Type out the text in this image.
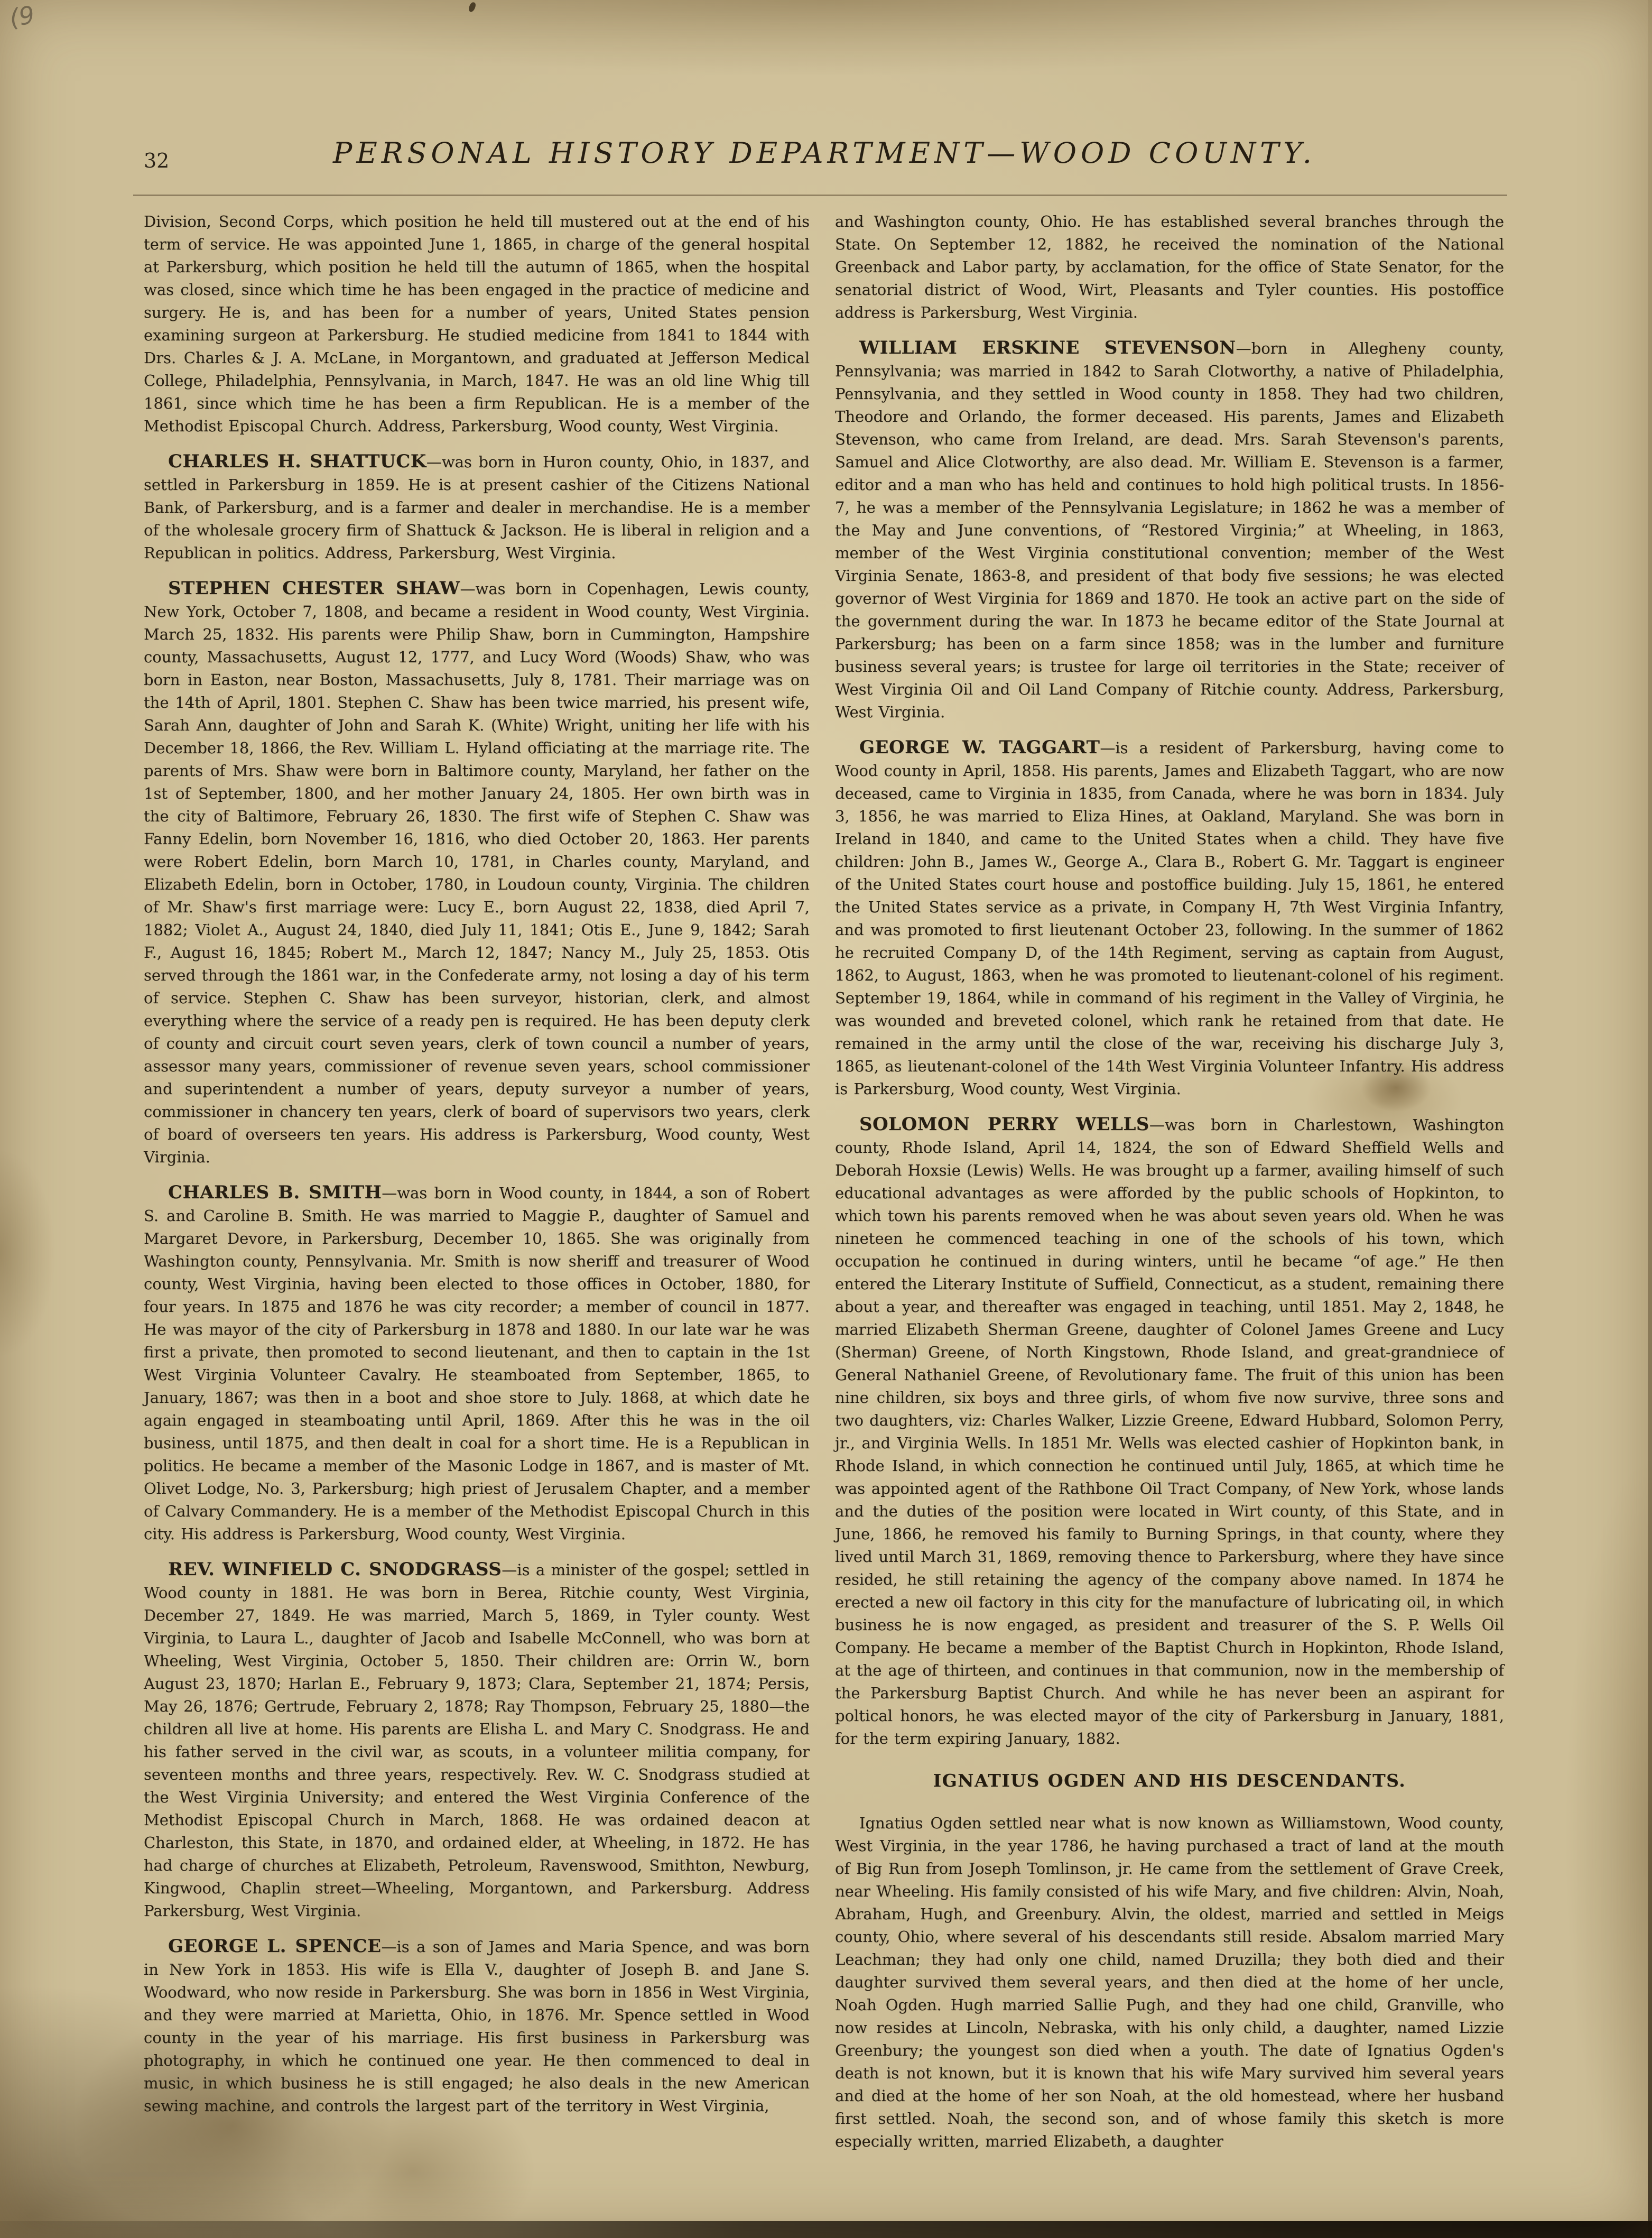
(9
32	PERSONAL HISTORY DEPARTMENT—WOOD COUNTY.

Division, Second Corps, which position he held till mustered out at the end of his term of service. He was appointed June 1, 1865, in charge of the general hospital at Parkersburg, which position he held till the autumn of 1865, when the hospital was closed, since which time he has been engaged in the practice of medicine and surgery. He is, and has been for a number of years, United States pension examining surgeon at Parkersburg. He studied medicine from 1841 to 1844 with Drs. Charles & J. A. McLane, in Morgantown, and graduated at Jefferson Medical College, Philadelphia, Pennsylvania, in March, 1847. He was an old line Whig till 1861, since which time he has been a firm Republican. He is a member of the Methodist Episcopal Church. Address, Parkersburg, Wood county, West Virginia.

CHARLES H. SHATTUCK—was born in Huron county, Ohio, in 1837, and settled in Parkersburg in 1859. He is at present cashier of the Citizens National Bank, of Parkersburg, and is a farmer and dealer in merchandise. He is a member of the wholesale grocery firm of Shattuck & Jackson. He is liberal in religion and a Republican in politics. Address, Parkersburg, West Virginia.

STEPHEN CHESTER SHAW—was born in Copenhagen, Lewis county, New York, October 7, 1808, and became a resident in Wood county, West Virginia. March 25, 1832. His parents were Philip Shaw, born in Cummington, Hampshire county, Massachusetts, August 12, 1777, and Lucy Word (Woods) Shaw, who was born in Easton, near Boston, Massachusetts, July 8, 1781. Their marriage was on the 14th of April, 1801. Stephen C. Shaw has been twice married, his present wife, Sarah Ann, daughter of John and Sarah K. (White) Wright, uniting her life with his December 18, 1866, the Rev. William L. Hyland officiating at the marriage rite. The parents of Mrs. Shaw were born in Baltimore county, Maryland, her father on the 1st of September, 1800, and her mother January 24, 1805. Her own birth was in the city of Baltimore, February 26, 1830. The first wife of Stephen C. Shaw was Fanny Edelin, born November 16, 1816, who died October 20, 1863. Her parents were Robert Edelin, born March 10, 1781, in Charles county, Maryland, and Elizabeth Edelin, born in October, 1780, in Loudoun county, Virginia. The children of Mr. Shaw's first marriage were: Lucy E., born August 22, 1838, died April 7, 1882; Violet A., August 24, 1840, died July 11, 1841; Otis E., June 9, 1842; Sarah F., August 16, 1845; Robert M., March 12, 1847; Nancy M., July 25, 1853. Otis served through the 1861 war, in the Confederate army, not losing a day of his term of service. Stephen C. Shaw has been surveyor, historian, clerk, and almost everything where the service of a ready pen is required. He has been deputy clerk of county and circuit court seven years, clerk of town council a number of years, assessor many years, commissioner of revenue seven years, school commissioner and superintendent a number of years, deputy surveyor a number of years, commissioner in chancery ten years, clerk of board of supervisors two years, clerk of board of overseers ten years. His address is Parkersburg, Wood county, West Virginia.

CHARLES B. SMITH—was born in Wood county, in 1844, a son of Robert S. and Caroline B. Smith. He was married to Maggie P., daughter of Samuel and Margaret Devore, in Parkersburg, December 10, 1865. She was originally from Washington county, Pennsylvania. Mr. Smith is now sheriff and treasurer of Wood county, West Virginia, having been elected to those offices in October, 1880, for four years. In 1875 and 1876 he was city recorder; a member of council in 1877. He was mayor of the city of Parkersburg in 1878 and 1880. In our late war he was first a private, then promoted to second lieutenant, and then to captain in the 1st West Virginia Volunteer Cavalry. He steamboated from September, 1865, to January, 1867; was then in a boot and shoe store to July. 1868, at which date he again engaged in steamboating until April, 1869. After this he was in the oil business, until 1875, and then dealt in coal for a short time. He is a Republican in politics. He became a member of the Masonic Lodge in 1867, and is master of Mt. Olivet Lodge, No. 3, Parkersburg; high priest of Jerusalem Chapter, and a member of Calvary Commandery. He is a member of the Methodist Episcopal Church in this city. His address is Parkersburg, Wood county, West Virginia.

REV. WINFIELD C. SNODGRASS—is a minister of the gospel; settled in Wood county in 1881. He was born in Berea, Ritchie county, West Virginia, December 27, 1849. He was married, March 5, 1869, in Tyler county. West Virginia, to Laura L., daughter of Jacob and Isabelle McConnell, who was born at Wheeling, West Virginia, October 5, 1850. Their children are: Orrin W., born August 23, 1870; Harlan E., February 9, 1873; Clara, September 21, 1874; Persis, May 26, 1876; Gertrude, February 2, 1878; Ray Thompson, February 25, 1880—the children all live at home. His parents are Elisha L. and Mary C. Snodgrass. He and his father served in the civil war, as scouts, in a volunteer militia company, for seventeen months and three years, respectively. Rev. W. C. Snodgrass studied at the West Virginia University; and entered the West Virginia Conference of the Methodist Episcopal Church in March, 1868. He was ordained deacon at Charleston, this State, in 1870, and ordained elder, at Wheeling, in 1872. He has had charge of churches at Elizabeth, Petroleum, Ravenswood, Smithton, Newburg, Kingwood, Chaplin street—Wheeling, Morgantown, and Parkersburg. Address Parkersburg, West Virginia.

GEORGE L. SPENCE—is a son of James and Maria Spence, and was born in New York in 1853. His wife is Ella V., daughter of Joseph B. and Jane S. Woodward, who now reside in Parkersburg. She was born in 1856 in West Virginia, and they were married at Marietta, Ohio, in 1876. Mr. Spence settled in Wood county in the year of his marriage. His first business in Parkersburg was photography, in which he continued one year. He then commenced to deal in music, in which business he is still engaged; he also deals in the new American sewing machine, and controls the largest part of the territory in West Virginia,

and Washington county, Ohio. He has established several branches through the State. On September 12, 1882, he received the nomination of the National Greenback and Labor party, by acclamation, for the office of State Senator, for the senatorial district of Wood, Wirt, Pleasants and Tyler counties. His postoffice address is Parkersburg, West Virginia.

WILLIAM ERSKINE STEVENSON—born in Allegheny county, Pennsylvania; was married in 1842 to Sarah Clotworthy, a native of Philadelphia, Pennsylvania, and they settled in Wood county in 1858. They had two children, Theodore and Orlando, the former deceased. His parents, James and Elizabeth Stevenson, who came from Ireland, are dead. Mrs. Sarah Stevenson's parents, Samuel and Alice Clotworthy, are also dead. Mr. William E. Stevenson is a farmer, editor and a man who has held and continues to hold high political trusts. In 1856-7, he was a member of the Pennsylvania Legislature; in 1862 he was a member of the May and June conventions, of “Restored Virginia;” at Wheeling, in 1863, member of the West Virginia constitutional convention; member of the West Virginia Senate, 1863-8, and president of that body five sessions; he was elected governor of West Virginia for 1869 and 1870. He took an active part on the side of the government during the war. In 1873 he became editor of the State Journal at Parkersburg; has been on a farm since 1858; was in the lumber and furniture business several years; is trustee for large oil territories in the State; receiver of West Virginia Oil and Oil Land Company of Ritchie county. Address, Parkersburg, West Virginia.

GEORGE W. TAGGART—is a resident of Parkersburg, having come to Wood county in April, 1858. His parents, James and Elizabeth Taggart, who are now deceased, came to Virginia in 1835, from Canada, where he was born in 1834. July 3, 1856, he was married to Eliza Hines, at Oakland, Maryland. She was born in Ireland in 1840, and came to the United States when a child. They have five children: John B., James W., George A., Clara B., Robert G. Mr. Taggart is engineer of the United States court house and postoffice building. July 15, 1861, he entered the United States service as a private, in Company H, 7th West Virginia Infantry, and was promoted to first lieutenant October 23, following. In the summer of 1862 he recruited Company D, of the 14th Regiment, serving as captain from August, 1862, to August, 1863, when he was promoted to lieutenant-colonel of his regiment. September 19, 1864, while in command of his regiment in the Valley of Virginia, he was wounded and breveted colonel, which rank he retained from that date. He remained in the army until the close of the war, receiving his discharge July 3, 1865, as lieutenant-colonel of the 14th West Virginia Volunteer Infantry. His address is Parkersburg, Wood county, West Virginia.

SOLOMON PERRY WELLS—was born in Charlestown, Washington county, Rhode Island, April 14, 1824, the son of Edward Sheffield Wells and Deborah Hoxsie (Lewis) Wells. He was brought up a farmer, availing himself of such educational advantages as were afforded by the public schools of Hopkinton, to which town his parents removed when he was about seven years old. When he was nineteen he commenced teaching in one of the schools of his town, which occupation he continued in during winters, until he became “of age.” He then entered the Literary Institute of Suffield, Connecticut, as a student, remaining there about a year, and thereafter was engaged in teaching, until 1851. May 2, 1848, he married Elizabeth Sherman Greene, daughter of Colonel James Greene and Lucy (Sherman) Greene, of North Kingstown, Rhode Island, and great-grandniece of General Nathaniel Greene, of Revolutionary fame. The fruit of this union has been nine children, six boys and three girls, of whom five now survive, three sons and two daughters, viz: Charles Walker, Lizzie Greene, Edward Hubbard, Solomon Perry, jr., and Virginia Wells. In 1851 Mr. Wells was elected cashier of Hopkinton bank, in Rhode Island, in which connection he continued until July, 1865, at which time he was appointed agent of the Rathbone Oil Tract Company, of New York, whose lands and the duties of the position were located in Wirt county, of this State, and in June, 1866, he removed his family to Burning Springs, in that county, where they lived until March 31, 1869, removing thence to Parkersburg, where they have since resided, he still retaining the agency of the company above named. In 1874 he erected a new oil factory in this city for the manufacture of lubricating oil, in which business he is now engaged, as president and treasurer of the S. P. Wells Oil Company. He became a member of the Baptist Church in Hopkinton, Rhode Island, at the age of thirteen, and continues in that communion, now in the membership of the Parkersburg Baptist Church. And while he has never been an aspirant for poltical honors, he was elected mayor of the city of Parkersburg in January, 1881, for the term expiring January, 1882.

IGNATIUS OGDEN AND HIS DESCENDANTS.

Ignatius Ogden settled near what is now known as Williamstown, Wood county, West Virginia, in the year 1786, he having purchased a tract of land at the mouth of Big Run from Joseph Tomlinson, jr. He came from the settlement of Grave Creek, near Wheeling. His family consisted of his wife Mary, and five children: Alvin, Noah, Abraham, Hugh, and Greenbury. Alvin, the oldest, married and settled in Meigs county, Ohio, where several of his descendants still reside. Absalom married Mary Leachman; they had only one child, named Druzilla; they both died and their daughter survived them several years, and then died at the home of her uncle, Noah Ogden. Hugh married Sallie Pugh, and they had one child, Granville, who now resides at Lincoln, Nebraska, with his only child, a daughter, named Lizzie Greenbury; the youngest son died when a youth. The date of Ignatius Ogden's death is not known, but it is known that his wife Mary survived him several years and died at the home of her son Noah, at the old homestead, where her husband first settled. Noah, the second son, and of whose family this sketch is more especially written, married Elizabeth, a daughter
